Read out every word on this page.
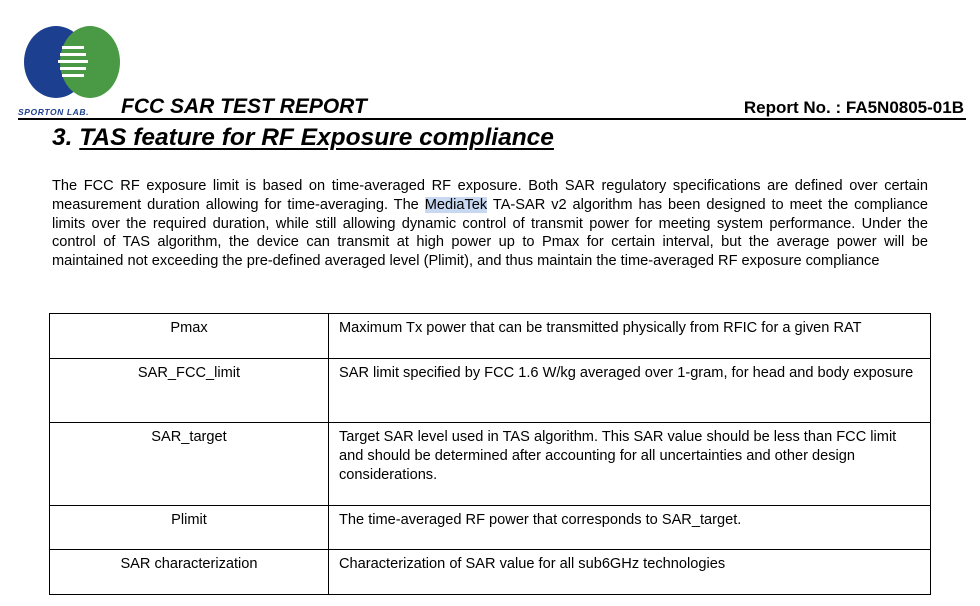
SPORTON LAB. FCC SAR TEST REPORT	Report No. : FA5N0805-01B
3. TAS feature for RF Exposure compliance

The FCC RF exposure limit is based on time-averaged RF exposure. Both SAR regulatory specifications are defined over certain measurement duration allowing for time-averaging. The MediaTek TA-SAR v2 algorithm has been designed to meet the compliance limits over the required duration, while still allowing dynamic control of transmit power for meeting system performance. Under the control of TAS algorithm, the device can transmit at high power up to Pmax for certain interval, but the average power will be maintained not exceeding the pre-defined averaged level (Plimit), and thus maintain the time-averaged RF exposure compliance

Pmax	Maximum Tx power that can be transmitted physically from RFIC for a given RAT
SAR_FCC_limit	SAR limit specified by FCC 1.6 W/kg averaged over 1-gram, for head and body exposure
SAR_target	Target SAR level used in TAS algorithm. This SAR value should be less than FCC limit and should be determined after accounting for all uncertainties and other design considerations.
Plimit	The time-averaged RF power that corresponds to SAR_target.
SAR characterization	Characterization of SAR value for all sub6GHz technologies
